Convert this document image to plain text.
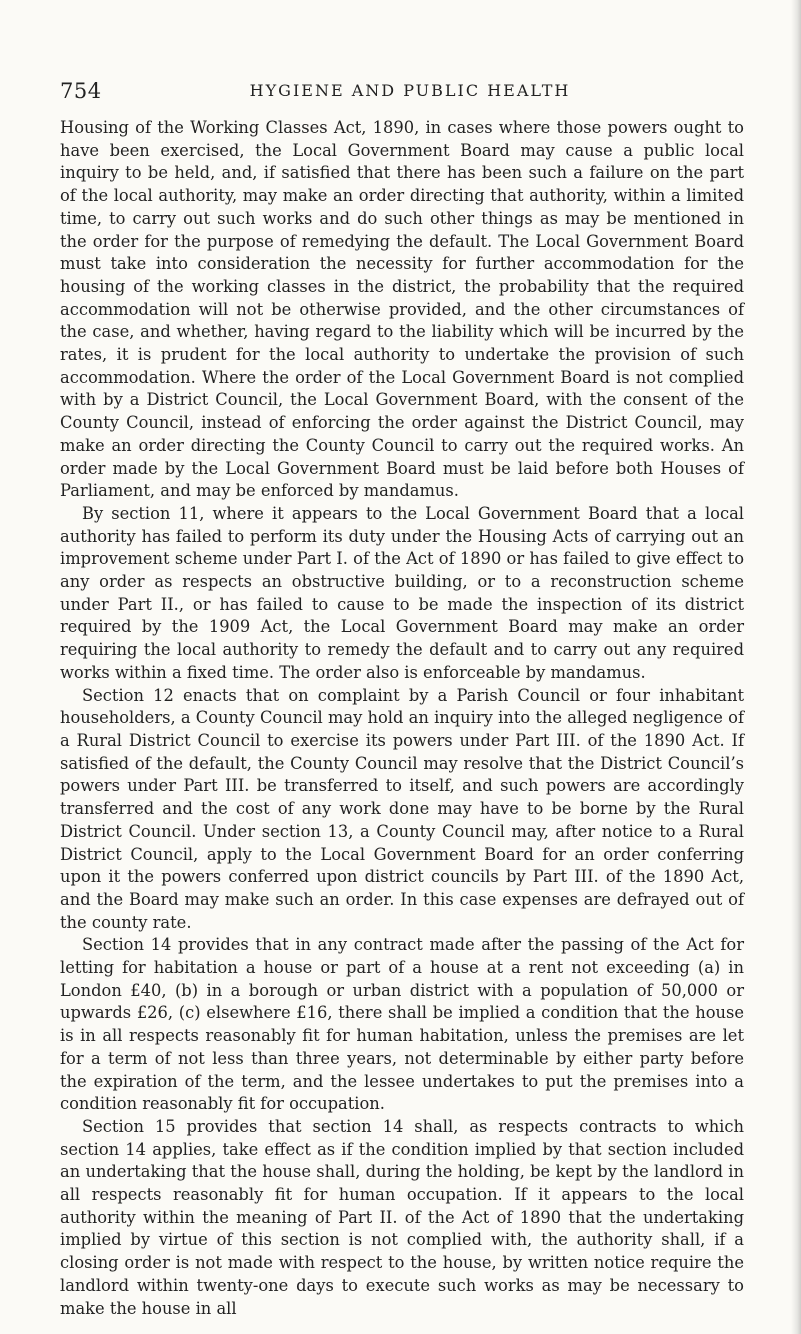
754	HYGIENE AND PUBLIC HEALTH

Housing of the Working Classes Act, 1890, in cases where those powers ought to have been exercised, the Local Government Board may cause a public local inquiry to be held, and, if satisfied that there has been such a failure on the part of the local authority, may make an order directing that authority, within a limited time, to carry out such works and do such other things as may be mentioned in the order for the purpose of remedying the default. The Local Government Board must take into consideration the necessity for further accommodation for the housing of the working classes in the district, the probability that the required accommodation will not be otherwise provided, and the other circumstances of the case, and whether, having regard to the liability which will be incurred by the rates, it is prudent for the local authority to undertake the provision of such accommodation. Where the order of the Local Government Board is not complied with by a District Council, the Local Government Board, with the consent of the County Council, instead of enforcing the order against the District Council, may make an order directing the County Council to carry out the required works. An order made by the Local Government Board must be laid before both Houses of Parliament, and may be enforced by mandamus.

By section 11, where it appears to the Local Government Board that a local authority has failed to perform its duty under the Housing Acts of carrying out an improvement scheme under Part I. of the Act of 1890 or has failed to give effect to any order as respects an obstructive building, or to a reconstruction scheme under Part II., or has failed to cause to be made the inspection of its district required by the 1909 Act, the Local Government Board may make an order requiring the local authority to remedy the default and to carry out any required works within a fixed time. The order also is enforceable by mandamus.

Section 12 enacts that on complaint by a Parish Council or four inhabitant householders, a County Council may hold an inquiry into the alleged negligence of a Rural District Council to exercise its powers under Part III. of the 1890 Act. If satisfied of the default, the County Council may resolve that the District Council’s powers under Part III. be transferred to itself, and such powers are accordingly transferred and the cost of any work done may have to be borne by the Rural District Council. Under section 13, a County Council may, after notice to a Rural District Council, apply to the Local Government Board for an order conferring upon it the powers conferred upon district councils by Part III. of the 1890 Act, and the Board may make such an order. In this case expenses are defrayed out of the county rate.

Section 14 provides that in any contract made after the passing of the Act for letting for habitation a house or part of a house at a rent not exceeding (a) in London £40, (b) in a borough or urban district with a population of 50,000 or upwards £26, (c) elsewhere £16, there shall be implied a condition that the house is in all respects reasonably fit for human habitation, unless the premises are let for a term of not less than three years, not determinable by either party before the expiration of the term, and the lessee undertakes to put the premises into a condition reasonably fit for occupation.

Section 15 provides that section 14 shall, as respects contracts to which section 14 applies, take effect as if the condition implied by that section included an undertaking that the house shall, during the holding, be kept by the landlord in all respects reasonably fit for human occupation. If it appears to the local authority within the meaning of Part II. of the Act of 1890 that the undertaking implied by virtue of this section is not complied with, the authority shall, if a closing order is not made with respect to the house, by written notice require the landlord within twenty-one days to execute such works as may be necessary to make the house in all
